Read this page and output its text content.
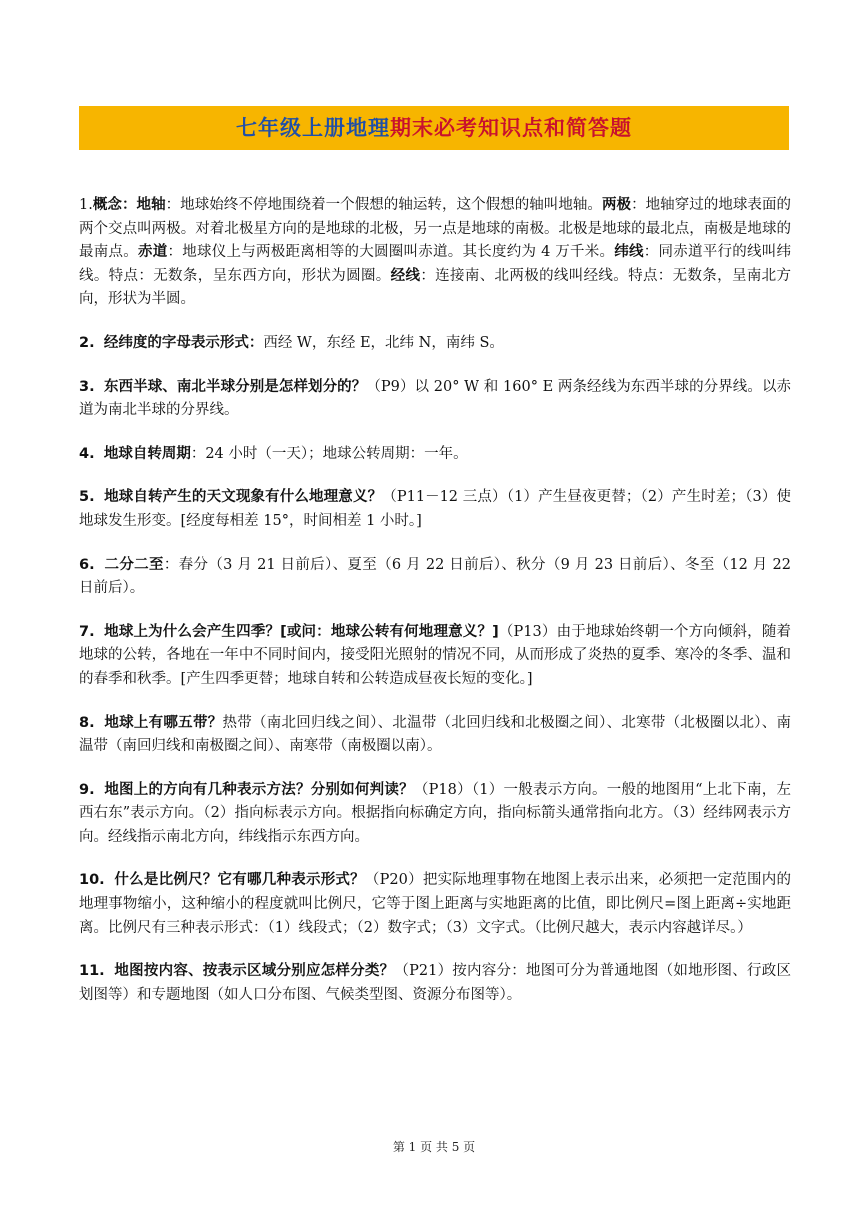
七年级上册地理期末必考知识点和简答题

1.概念：地轴：地球始终不停地围绕着一个假想的轴运转，这个假想的轴叫地轴。两极：地轴穿过的地球表面的两个交点叫两极。对着北极星方向的是地球的北极，另一点是地球的南极。北极是地球的最北点，南极是地球的最南点。赤道：地球仪上与两极距离相等的大圆圈叫赤道。其长度约为 4 万千米。纬线：同赤道平行的线叫纬线。特点：无数条，呈东西方向，形状为圆圈。经线：连接南、北两极的线叫经线。特点：无数条，呈南北方向，形状为半圆。

2. 经纬度的字母表示形式：西经 W，东经 E，北纬 N，南纬 S。

3. 东西半球、南北半球分别是怎样划分的？（P9）以 20° W 和 160° E 两条经线为东西半球的分界线。以赤道为南北半球的分界线。

4. 地球自转周期：24 小时（一天）；地球公转周期：一年。

5. 地球自转产生的天文现象有什么地理意义？（P11－12 三点）（1）产生昼夜更替；（2）产生时差；（3）使地球发生形变。[经度每相差 15°，时间相差 1 小时。]

6. 二分二至：春分（3 月 21 日前后）、夏至（6 月 22 日前后）、秋分（9 月 23 日前后）、冬至（12 月 22 日前后）。

7. 地球上为什么会产生四季？[或问：地球公转有何地理意义？]（P13）由于地球始终朝一个方向倾斜，随着地球的公转，各地在一年中不同时间内，接受阳光照射的情况不同，从而形成了炎热的夏季、寒冷的冬季、温和的春季和秋季。[产生四季更替；地球自转和公转造成昼夜长短的变化。]

8. 地球上有哪五带？热带（南北回归线之间）、北温带（北回归线和北极圈之间）、北寒带（北极圈以北）、南温带（南回归线和南极圈之间）、南寒带（南极圈以南）。

9. 地图上的方向有几种表示方法？分别如何判读？（P18）（1）一般表示方向。一般的地图用“上北下南，左西右东”表示方向。（2）指向标表示方向。根据指向标确定方向，指向标箭头通常指向北方。（3）经纬网表示方向。经线指示南北方向，纬线指示东西方向。

10. 什么是比例尺？它有哪几种表示形式？（P20）把实际地理事物在地图上表示出来，必须把一定范围内的地理事物缩小，这种缩小的程度就叫比例尺，它等于图上距离与实地距离的比值，即比例尺=图上距离÷实地距离。比例尺有三种表示形式：（1）线段式；（2）数字式；（3）文字式。（比例尺越大，表示内容越详尽。）

11. 地图按内容、按表示区域分别应怎样分类？（P21）按内容分：地图可分为普通地图（如地形图、行政区划图等）和专题地图（如人口分布图、气候类型图、资源分布图等）。

第 1 页 共 5 页
